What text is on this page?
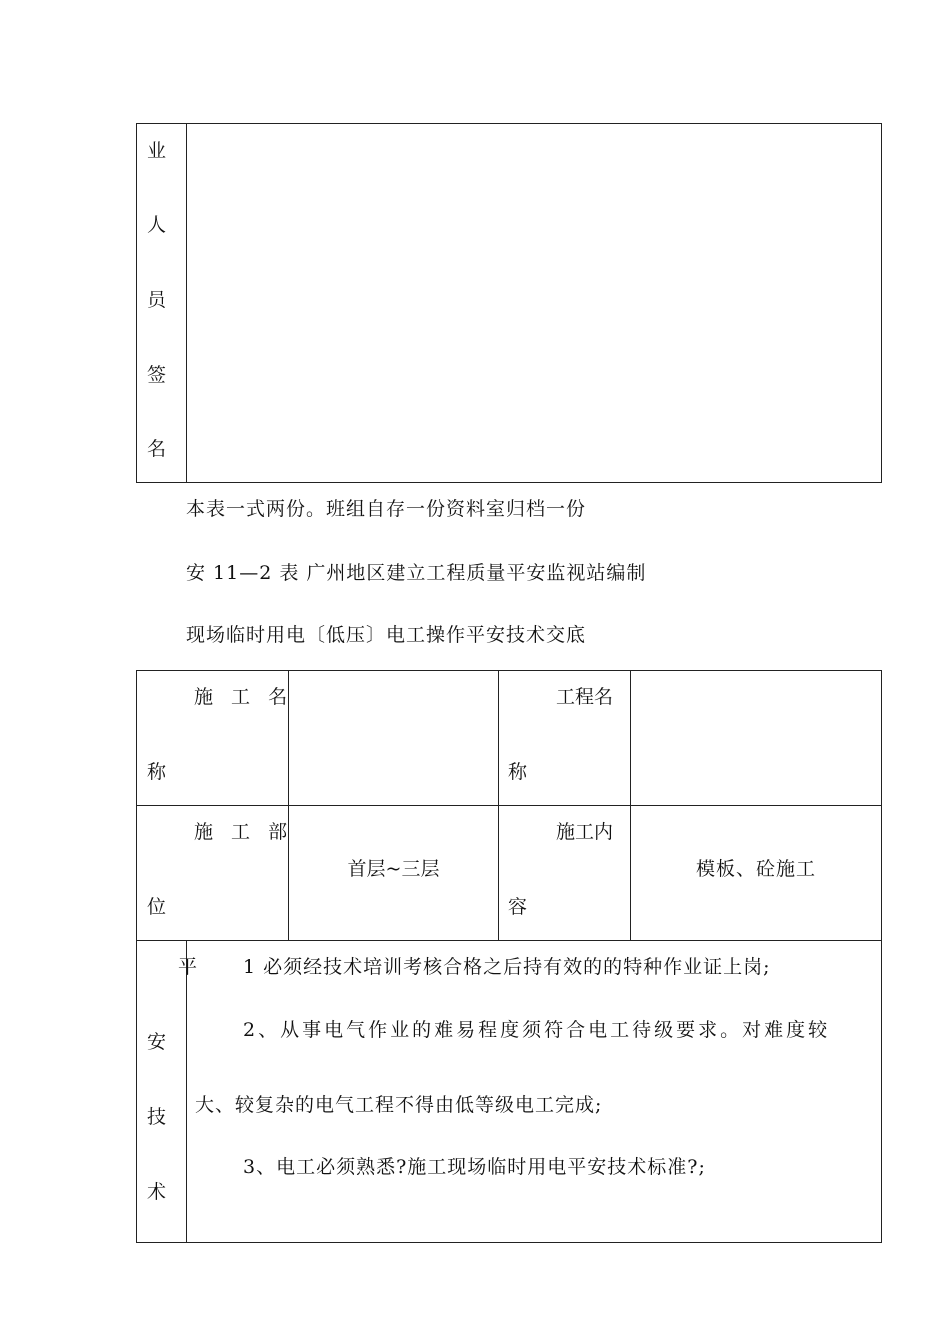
业
人
员
签
名
本表一式两份。班组自存一份资料室归档一份
安 11—2 表 广州地区建立工程质量平安监视站编制
现场临时用电〔低压〕电工操作平安技术交底
施 工 名
称
工程名
称
施 工 部
位
首层~三层
施工内
容
模板、砼施工
平
安
技
术
1 必须经技术培训考核合格之后持有效的的特种作业证上岗;
2、从事电气作业的难易程度须符合电工待级要求。对难度较
大、较复杂的电气工程不得由低等级电工完成;
3、电工必须熟悉?施工现场临时用电平安技术标准?;
